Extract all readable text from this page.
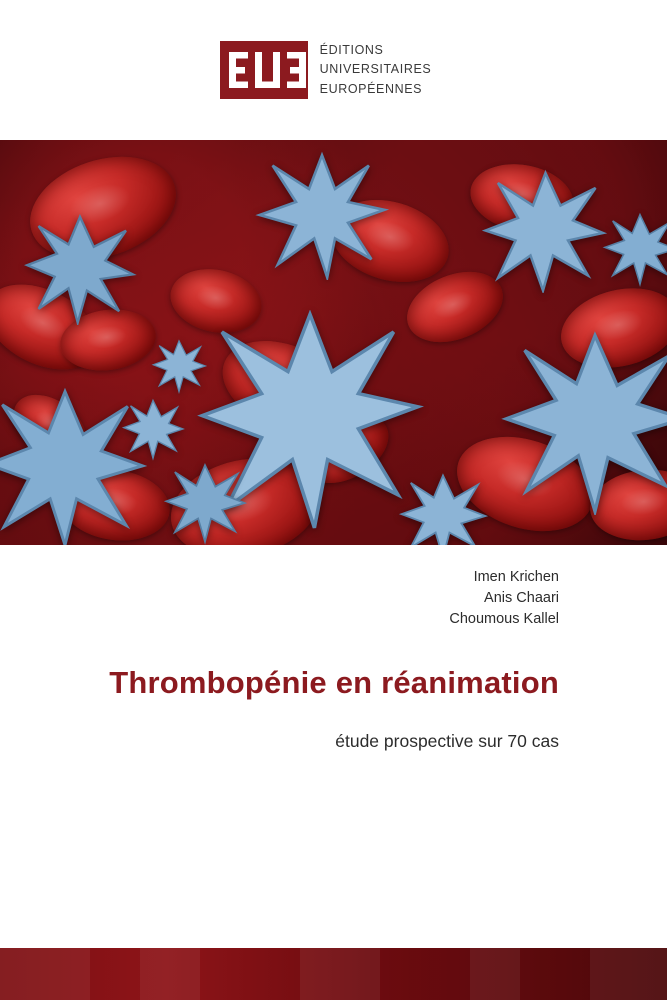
ÉDITIONS
UNIVERSITAIRES
EUROPÉENNES
Imen Krichen
Anis Chaari
Choumous Kallel
Thrombopénie en réanimation
étude prospective sur 70 cas
